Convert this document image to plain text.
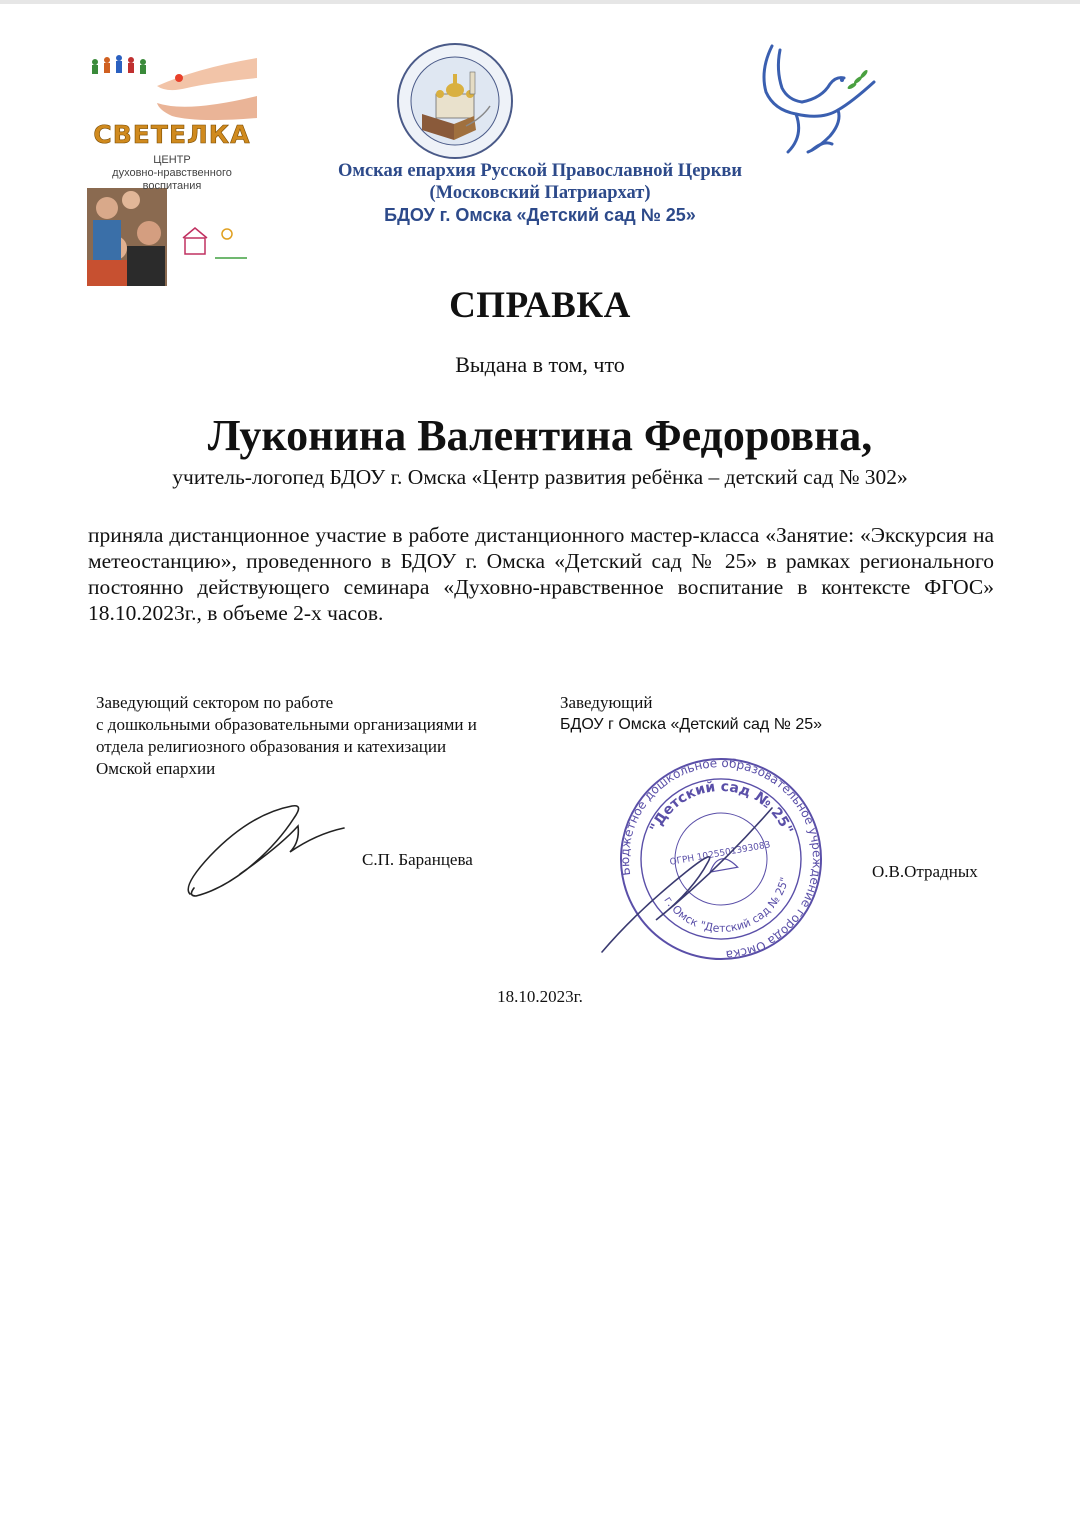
СВЕТЕЛКА
ЦЕНТР
духовно-нравственного
воспитания
Омская епархия Русской Православной Церкви
(Московский Патриархат)
БДОУ г. Омска «Детский сад № 25»
СПРАВКА
Выдана в том, что
Луконина Валентина Федоровна,
учитель-логопед БДОУ г. Омска «Центр развития ребёнка – детский сад № 302»
приняла дистанционное участие в работе дистанционного мастер-класса «Занятие: «Экскурсия на метеостанцию», проведенного в БДОУ г. Омска «Детский сад № 25» в рамках регионального постоянно действующего семинара «Духовно-нравственное воспитание в контексте ФГОС» 18.10.2023г., в объеме 2-х часов.
Заведующий сектором по работе
с дошкольными образовательными организациями и
отдела религиозного образования и катехизации
Омской епархии
Заведующий
БДОУ г Омска «Детский сад № 25»
С.П. Баранцева
Бюджетное дошкольное образовательное учреждение города Омска
"Детский сад № 25"
г. Омск "Детский сад № 25"
ОГРН 1025501393083
О.В.Отрадных
18.10.2023г.
